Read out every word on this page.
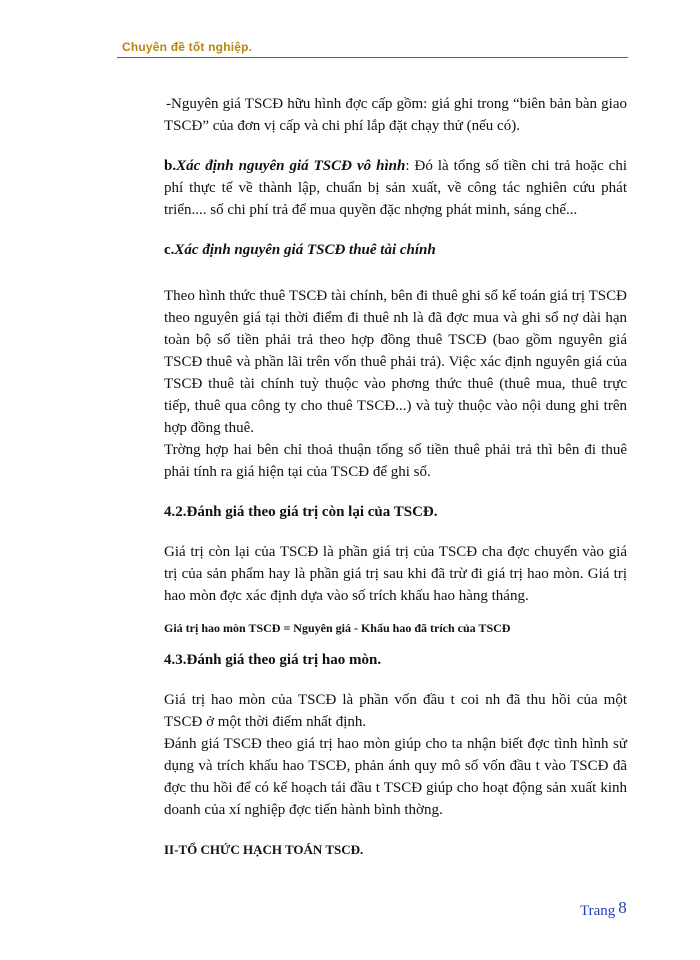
Chuyên đề tốt nghiệp.

-Nguyên giá TSCĐ hữu hình đợc cấp gồm: giá ghi trong “biên bản bàn giao TSCĐ” của đơn vị cấp và chi phí lắp đặt chạy thử (nếu có).

b.Xác định nguyên giá TSCĐ vô hình: Đó là tổng số tiền chi trả hoặc chi phí thực tế về thành lập, chuẩn bị sản xuất, về công tác nghiên cứu phát triển.... số chi phí trả để mua quyền đặc nhợng phát minh, sáng chế...

c.Xác định nguyên giá TSCĐ thuê tài chính

Theo hình thức thuê TSCĐ tài chính, bên đi thuê ghi sổ kế toán giá trị TSCĐ theo nguyên giá tại thời điểm đi thuê nh là đã đợc mua và ghi sổ nợ dài hạn toàn bộ số tiền phải trả theo hợp đồng thuê TSCĐ (bao gồm nguyên giá TSCĐ thuê và phần lãi trên vốn thuê phải trả). Việc xác định nguyên giá của TSCĐ thuê tài chính tuỳ thuộc vào phơng thức thuê (thuê mua, thuê trực tiếp, thuê qua công ty cho thuê TSCĐ...) và tuỳ thuộc vào nội dung ghi trên hợp đồng thuê.

Trờng hợp hai bên chỉ thoả thuận tổng số tiền thuê phải trả thì bên đi thuê phải tính ra giá hiện tại của TSCĐ để ghi sổ.

4.2.Đánh giá theo giá trị còn lại của TSCĐ.

Giá trị còn lại của TSCĐ là phần giá trị của TSCĐ cha đợc chuyển vào giá trị của sản phẩm hay là phần giá trị sau khi đã trừ đi giá trị hao mòn. Giá trị hao mòn đợc xác định dựa vào số trích khấu hao hàng tháng.

Giá trị hao mòn TSCĐ = Nguyên giá - Khấu hao đã trích của TSCĐ

4.3.Đánh giá theo giá trị hao mòn.

Giá trị hao mòn của TSCĐ là phần vốn đầu t coi nh đã thu hồi của một TSCĐ ở một thời điểm nhất định.

Đánh giá TSCĐ theo giá trị hao mòn giúp cho ta nhận biết đợc tình hình sử dụng và trích khấu hao TSCĐ, phản ánh quy mô số vốn đầu t vào TSCĐ đã đợc thu hồi để có kế hoạch tái đầu t TSCĐ giúp cho hoạt động sản xuất kinh doanh của xí nghiệp đợc tiến hành bình thờng.

II-TỔ CHỨC HẠCH TOÁN TSCĐ.

Trang 8
